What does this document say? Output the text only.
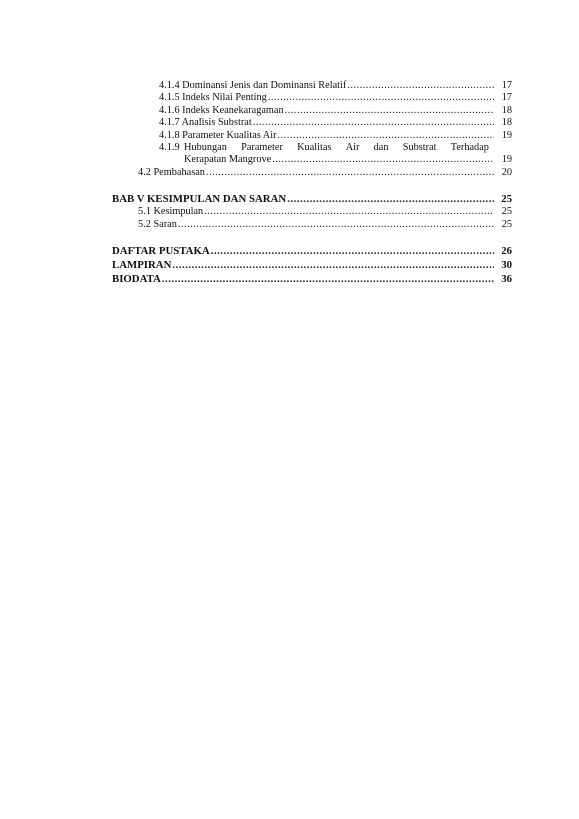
4.1.4 Dominansi Jenis dan Dominansi Relatif .....	17
4.1.5 Indeks Nilai Penting .....	17
4.1.6 Indeks Keanekaragaman .....	18
4.1.7 Analisis Substrat .....	18
4.1.8 Parameter Kualitas Air .....	19
4.1.9 Hubungan Parameter Kualitas Air dan Substrat Terhadap
Kerapatan Mangrove .....	19
4.2 Pembahasan .....	20
BAB V KESIMPULAN DAN SARAN .....	25
5.1 Kesimpulan .....	25
5.2 Saran .....	25
DAFTAR PUSTAKA .....	26
LAMPIRAN .....	30
BIODATA .....	36
